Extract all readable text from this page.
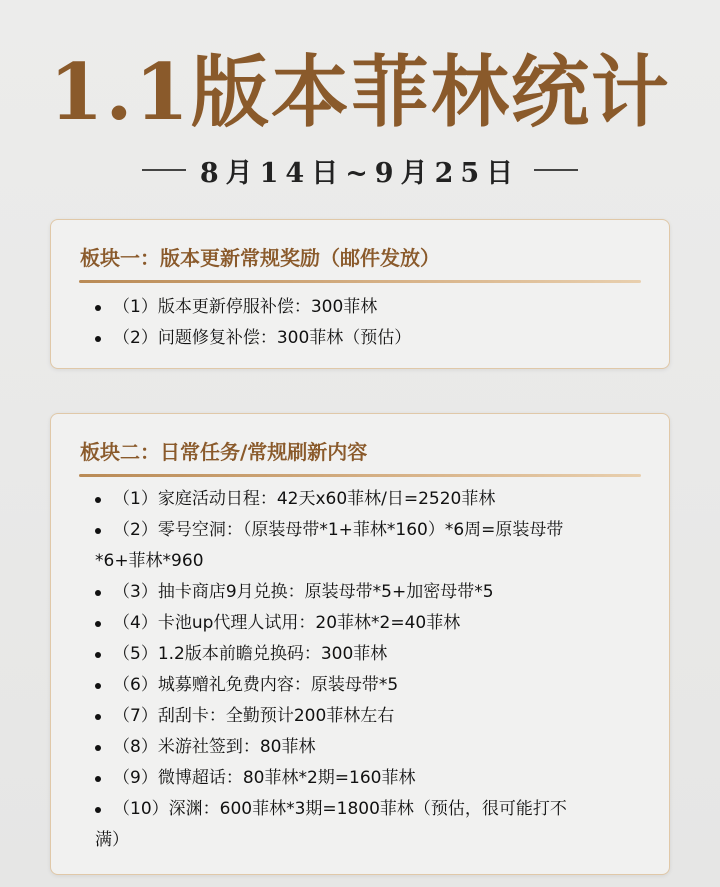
1.1版本菲林统计
8月14日~9月25日
板块一：版本更新常规奖励（邮件发放）
（1）版本更新停服补偿：300菲林
（2）问题修复补偿：300菲林（预估）
板块二：日常任务/常规刷新内容
（1）家庭活动日程：42天x60菲林/日=2520菲林
（2）零号空洞：（原装母带*1+菲林*160）*6周=原装母带
*6+菲林*960
（3）抽卡商店9月兑换：原装母带*5+加密母带*5
（4）卡池up代理人试用：20菲林*2=40菲林
（5）1.2版本前瞻兑换码：300菲林
（6）城募赠礼免费内容：原装母带*5
（7）刮刮卡：全勤预计200菲林左右
（8）米游社签到：80菲林
（9）微博超话：80菲林*2期=160菲林
（10）深渊：600菲林*3期=1800菲林（预估，很可能打不
满）
